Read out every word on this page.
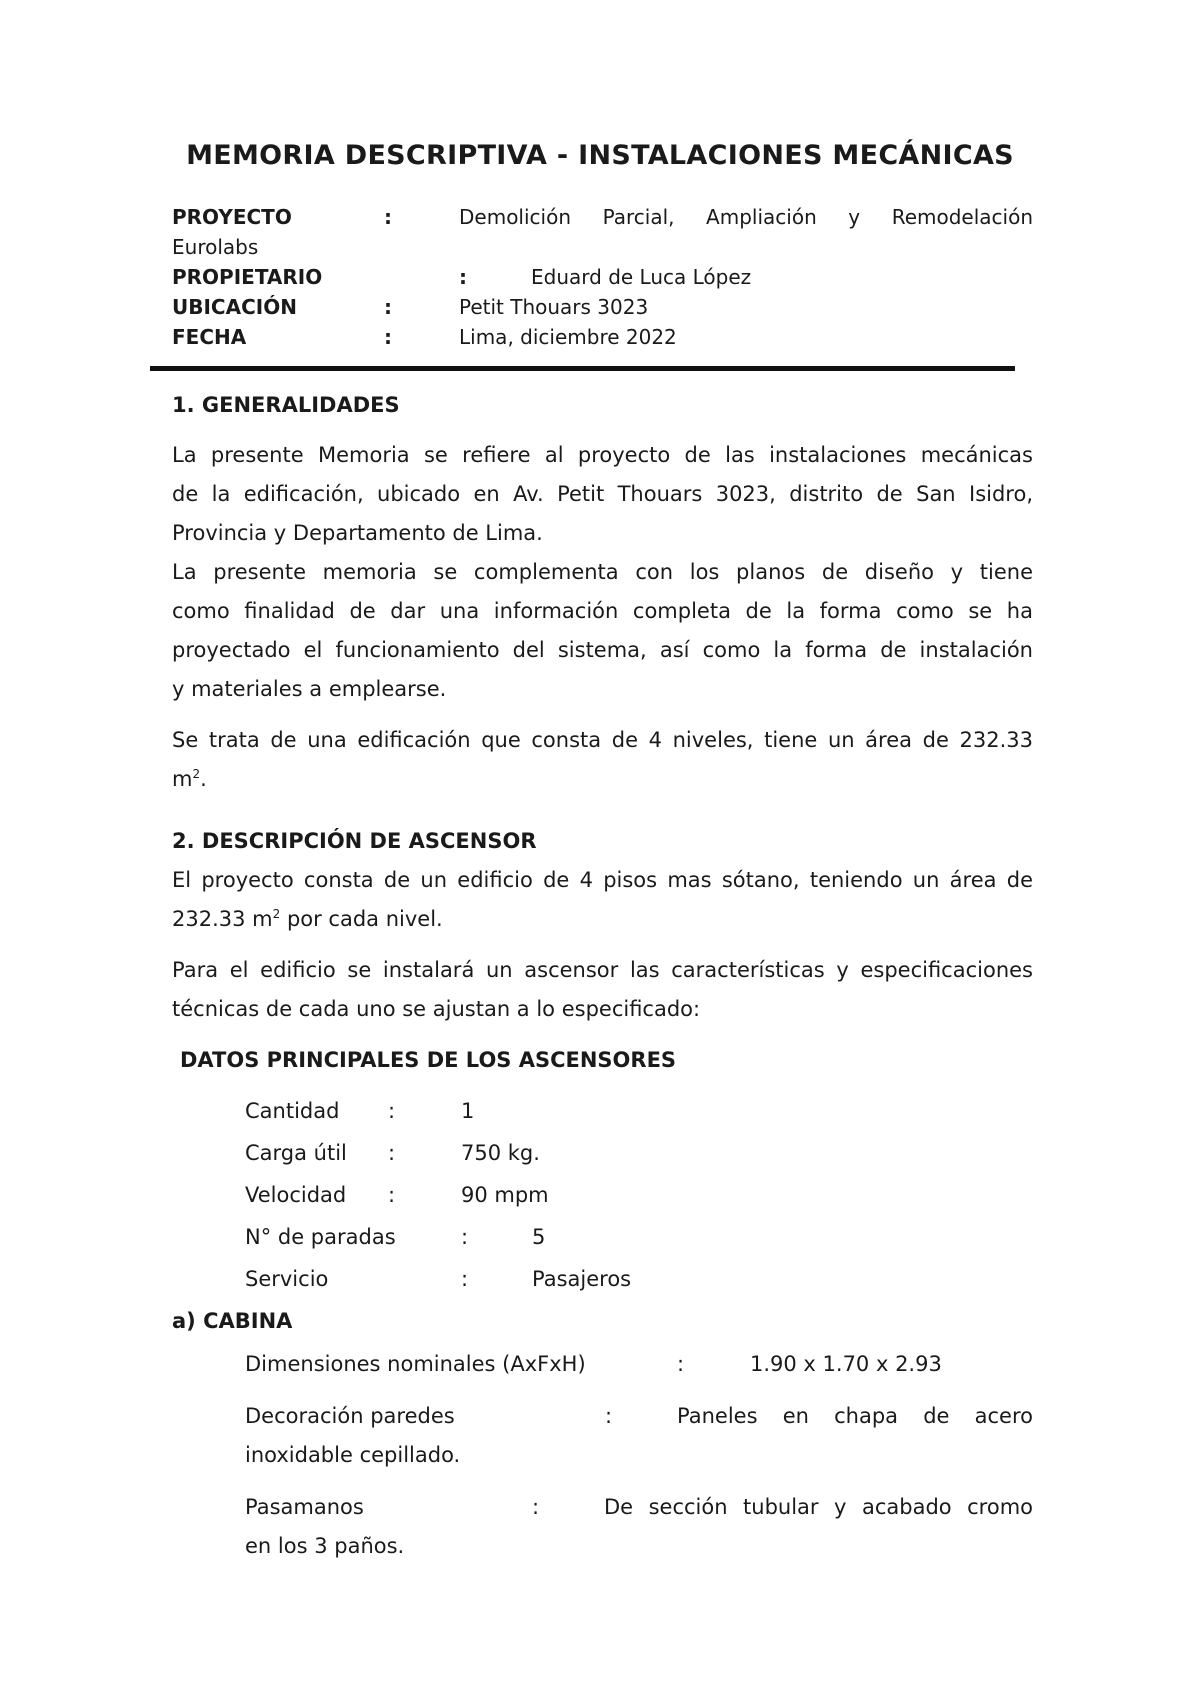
MEMORIA DESCRIPTIVA - INSTALACIONES MECÁNICAS
PROYECTO	:	Demolición Parcial, Ampliación y Remodelación
Eurolabs
PROPIETARIO	:	Eduard de Luca López
UBICACIÓN	:	Petit Thouars 3023
FECHA	:	Lima, diciembre 2022
1. GENERALIDADES
La presente Memoria se refiere al proyecto de las instalaciones mecánicas
de la edificación, ubicado en Av. Petit Thouars 3023, distrito de San Isidro,
Provincia y Departamento de Lima.
La presente memoria se complementa con los planos de diseño y tiene
como finalidad de dar una información completa de la forma como se ha
proyectado el funcionamiento del sistema, así como la forma de instalación
y materiales a emplearse.
Se trata de una edificación que consta de 4 niveles, tiene un área de 232.33
$m^2$.
2. DESCRIPCIÓN DE ASCENSOR
El proyecto consta de un edificio de 4 pisos mas sótano, teniendo un área de
232.33 $m^2$ por cada nivel.
Para el edificio se instalará un ascensor las características y especificaciones
técnicas de cada uno se ajustan a lo especificado:
DATOS PRINCIPALES DE LOS ASCENSORES
Cantidad :	1
Carga útil :	750 kg.
Velocidad :	90 mpm
N° de paradas	:	5
Servicio	:	Pasajeros
a) CABINA
Dimensiones nominales (AxFxH)	:	1.90 x 1.70 x 2.93
Decoración paredes	:	Paneles en chapa de acero
inoxidable cepillado.
Pasamanos	:	De sección tubular y acabado cromo
en los 3 paños.
